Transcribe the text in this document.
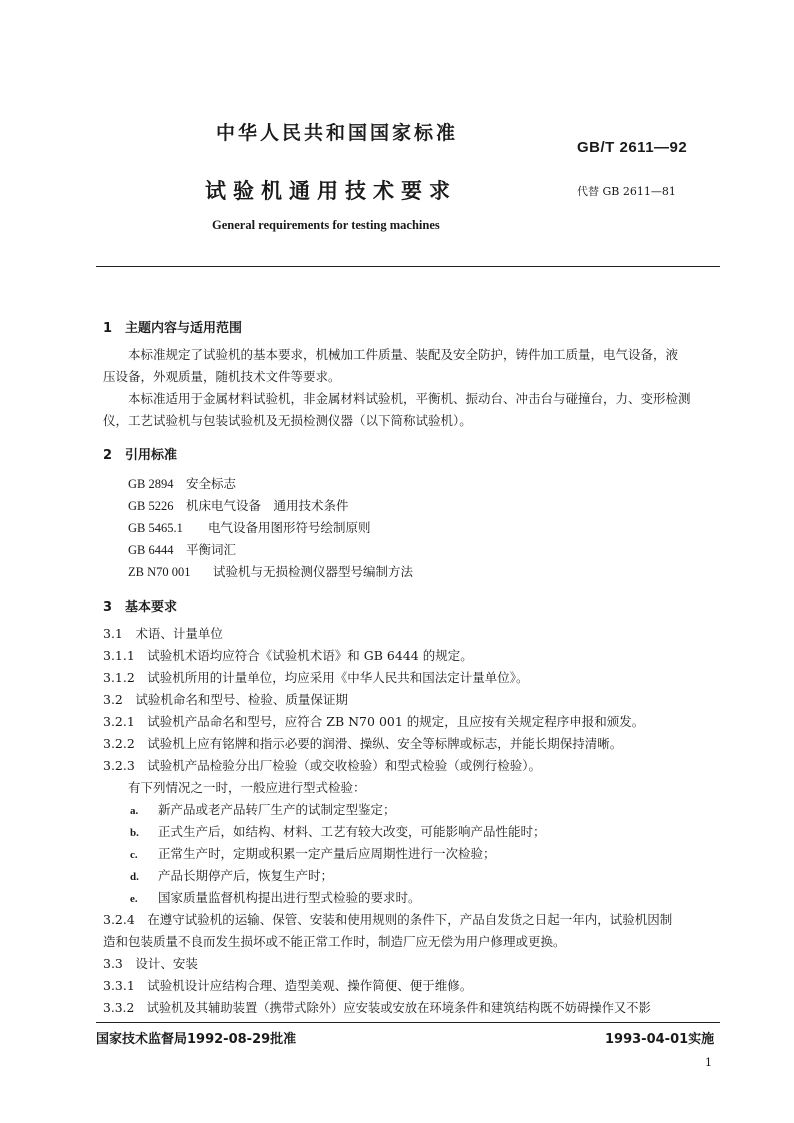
中华人民共和国国家标准
GB/T 2611—92
试验机通用技术要求	代替 GB 2611—81
General requirements for testing machines
1　主题内容与适用范围
本标准规定了试验机的基本要求，机械加工件质量、装配及安全防护，铸件加工质量，电气设备，液
压设备，外观质量，随机技术文件等要求。
本标准适用于金属材料试验机，非金属材料试验机，平衡机、振动台、冲击台与碰撞台，力、变形检测
仪，工艺试验机与包装试验机及无损检测仪器（以下简称试验机）。
2　引用标准
GB 2894 安全标志
GB 5226 机床电气设备　通用技术条件
GB 5465.1 电气设备用图形符号绘制原则
GB 6444 平衡词汇
ZB N70 001 试验机与无损检测仪器型号编制方法
3　基本要求
3.1　术语、计量单位
3.1.1　试验机术语均应符合《试验机术语》和 GB 6444 的规定。
3.1.2　试验机所用的计量单位，均应采用《中华人民共和国法定计量单位》。
3.2　试验机命名和型号、检验、质量保证期
3.2.1　试验机产品命名和型号，应符合 ZB N70 001 的规定，且应按有关规定程序申报和颁发。
3.2.2　试验机上应有铭牌和指示必要的润滑、操纵、安全等标牌或标志，并能长期保持清晰。
3.2.3　试验机产品检验分出厂检验（或交收检验）和型式检验（或例行检验）。
有下列情况之一时，一般应进行型式检验：
a. 新产品或老产品转厂生产的试制定型鉴定；
b. 正式生产后，如结构、材料、工艺有较大改变，可能影响产品性能时；
c. 正常生产时，定期或积累一定产量后应周期性进行一次检验；
d. 产品长期停产后，恢复生产时；
e. 国家质量监督机构提出进行型式检验的要求时。
3.2.4　在遵守试验机的运输、保管、安装和使用规则的条件下，产品自发货之日起一年内，试验机因制
造和包装质量不良而发生损坏或不能正常工作时，制造厂应无偿为用户修理或更换。
3.3　设计、安装
3.3.1　试验机设计应结构合理、造型美观、操作简便、便于维修。
3.3.2　试验机及其辅助装置（携带式除外）应安装或安放在环境条件和建筑结构既不妨碍操作又不影
国家技术监督局1992-08-29批准	1993-04-01实施
1
